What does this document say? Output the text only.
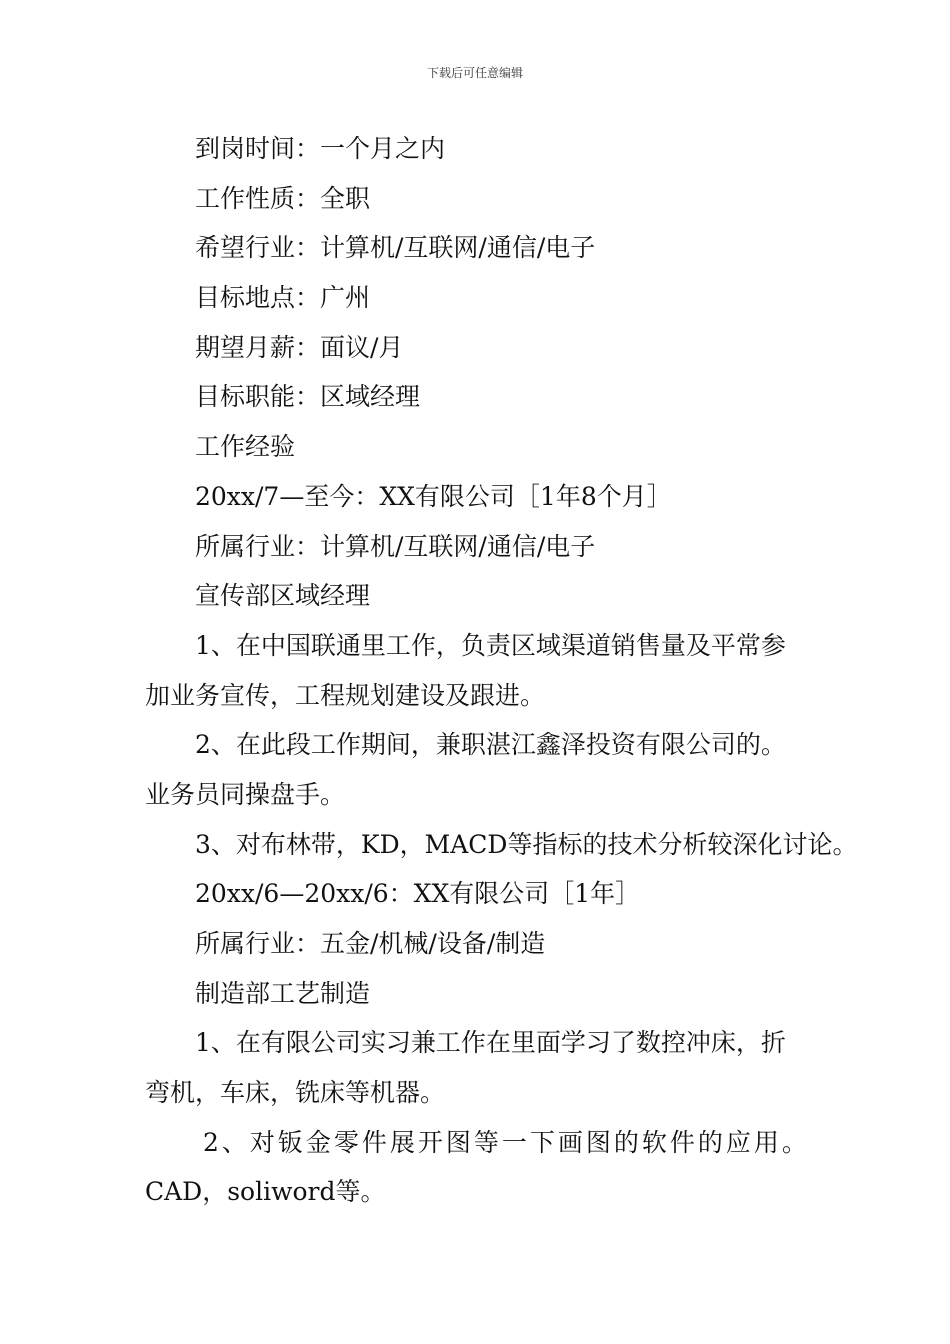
下载后可任意编辑
到岗时间：一个月之内
工作性质：全职
希望行业：计算机/互联网/通信/电子
目标地点：广州
期望月薪：面议/月
目标职能：区域经理
工作经验
20xx/7—至今：XX有限公司［1年8个月］
所属行业：计算机/互联网/通信/电子
宣传部区域经理
1、在中国联通里工作，负责区域渠道销售量及平常参
加业务宣传，工程规划建设及跟进。
2、在此段工作期间，兼职湛江鑫泽投资有限公司的。
业务员同操盘手。
3、对布林带，KD，MACD等指标的技术分析较深化讨论。
20xx/6—20xx/6：XX有限公司［1年］
所属行业：五金/机械/设备/制造
制造部工艺制造
1、在有限公司实习兼工作在里面学习了数控冲床，折
弯机，车床，铣床等机器。
2、对钣金零件展开图等一下画图的软件的应用。
CAD，soliword等。
